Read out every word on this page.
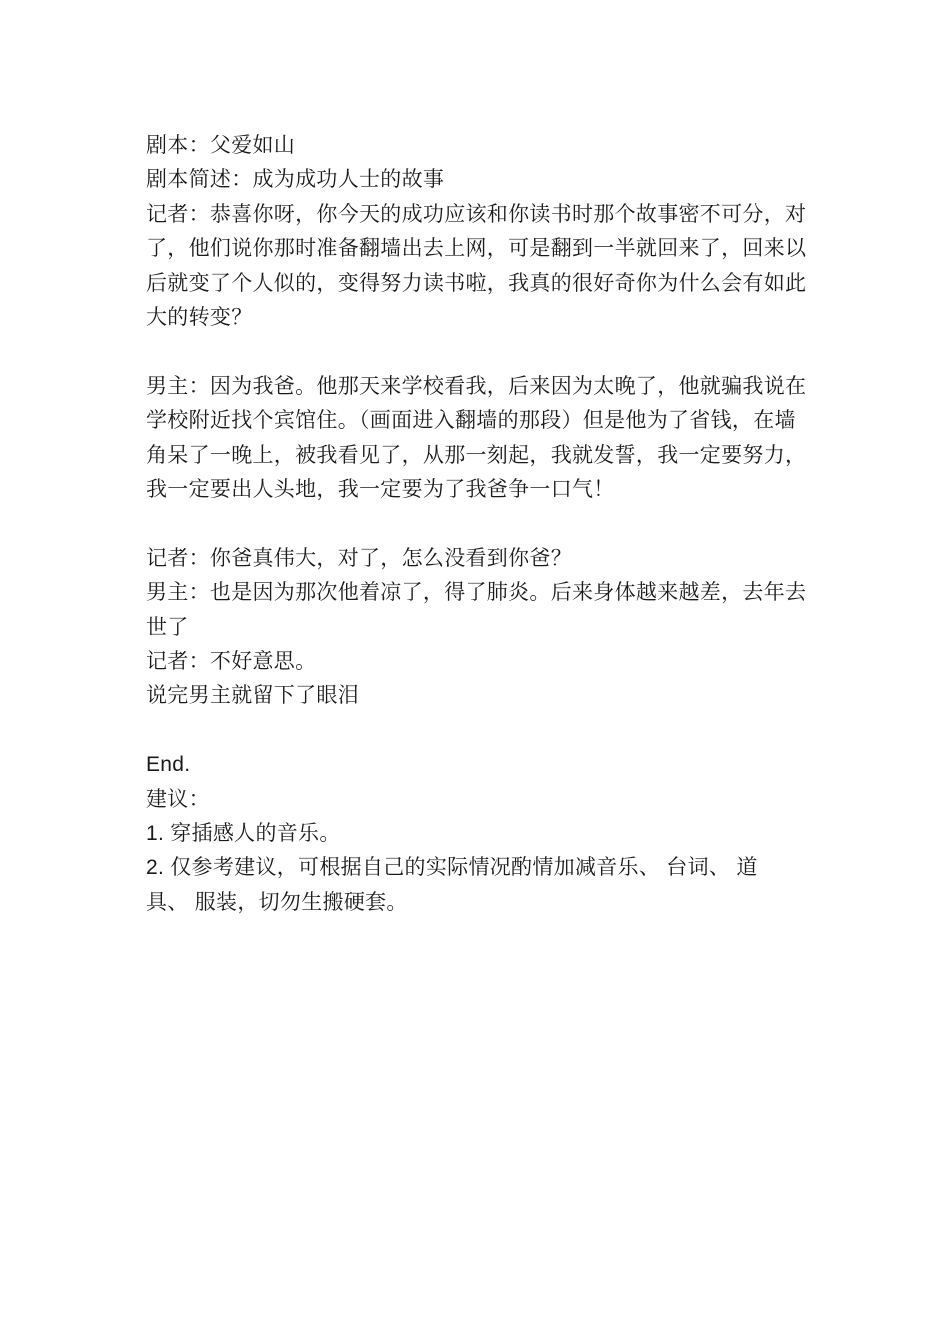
剧本：父爱如山
剧本简述：成为成功人士的故事
记者：恭喜你呀，你今天的成功应该和你读书时那个故事密不可分，对
了，他们说你那时准备翻墙出去上网，可是翻到一半就回来了，回来以
后就变了个人似的，变得努力读书啦，我真的很好奇你为什么会有如此
大的转变？
男主：因为我爸。他那天来学校看我，后来因为太晚了，他就骗我说在
学校附近找个宾馆住。（画面进入翻墙的那段）但是他为了省钱，在墙
角呆了一晚上，被我看见了，从那一刻起，我就发誓，我一定要努力，
我一定要出人头地，我一定要为了我爸争一口气！
记者：你爸真伟大，对了，怎么没看到你爸？
男主：也是因为那次他着凉了，得了肺炎。后来身体越来越差，去年去
世了
记者：不好意思。
说完男主就留下了眼泪
End.
建议：
1. 穿插感人的音乐。
2. 仅参考建议，可根据自己的实际情况酌情加减音乐、 台词、 道
具、 服装，切勿生搬硬套。
